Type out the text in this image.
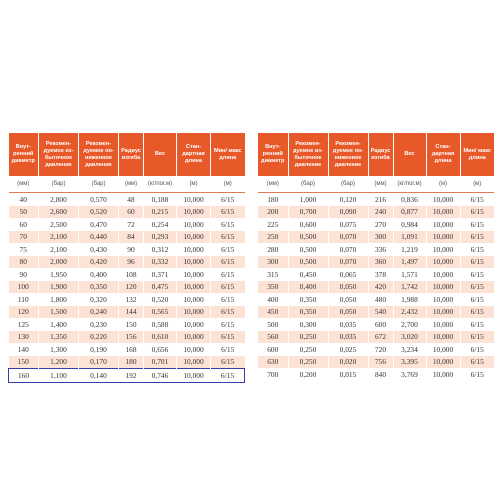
Внут-ренний диаметр	Рекомен-дуемое из-быточное давление	Рекомен-дуемое по-ниженное давление	Радиус изгиба	Вес	Стан-дартная длина	Мин/ макс длина
(мм)	(бар)	(бар)	(мм)	(кг/пог.м)	(м)	(м)
40	2,800	0,570	48	0,188	10,000	6/15
50	2,600	0,520	60	0,215	10,000	6/15
60	2,500	0,470	72	0,254	10,000	6/15
70	2,100	0,440	84	0,293	10,000	6/15
75	2,100	0,430	90	0,312	10,000	6/15
80	2,000	0,420	96	0,332	10,000	6/15
90	1,950	0,400	108	0,371	10,000	6/15
100	1,900	0,350	120	0,475	10,000	6/15
110	1,800	0,320	132	0,520	10,000	6/15
120	1,500	0,240	144	0,565	10,000	6/15
125	1,400	0,230	150	0,588	10,000	6/15
130	1,350	0,220	156	0,610	10,000	6/15
140	1,300	0,190	168	0,656	10,000	6/15
150	1,200	0,170	180	0,701	10,000	6/15
160	1,100	0,140	192	0,746	10,000	6/15
Внут-ренний диаметр	Рекомен-дуемое из-быточное давление	Рекомен-дуемое по-ниженное давление	Радиус изгиба	Вес	Стан-дартная длина	Мин/ макс длина
(мм)	(бар)	(бар)	(мм)	(кг/пог.м)	(м)	(м)
180	1,000	0,120	216	0,836	10,000	6/15
200	0,700	0,090	240	0,877	10,000	6/15
225	0,600	0,075	270	0,984	10,000	6/15
250	0,500	0,070	300	1,091	10,000	6/15
280	0,500	0,070	336	1,219	10,000	6/15
300	0,500	0,070	360	1,497	10,000	6/15
315	0,450	0,065	378	1,571	10,000	6/15
350	0,400	0,050	420	1,742	10,000	6/15
400	0,350	0,050	480	1,988	10,000	6/15
450	0,350	0,050	540	2,432	10,000	6/15
500	0,300	0,035	600	2,700	10,000	6/15
560	0,250	0,035	672	3,020	10,000	6/15
600	0,250	0,025	720	3,234	10,000	6/15
630	0,250	0,020	756	3,395	10,000	6/15
700	0,200	0,015	840	3,769	10,000	6/15
